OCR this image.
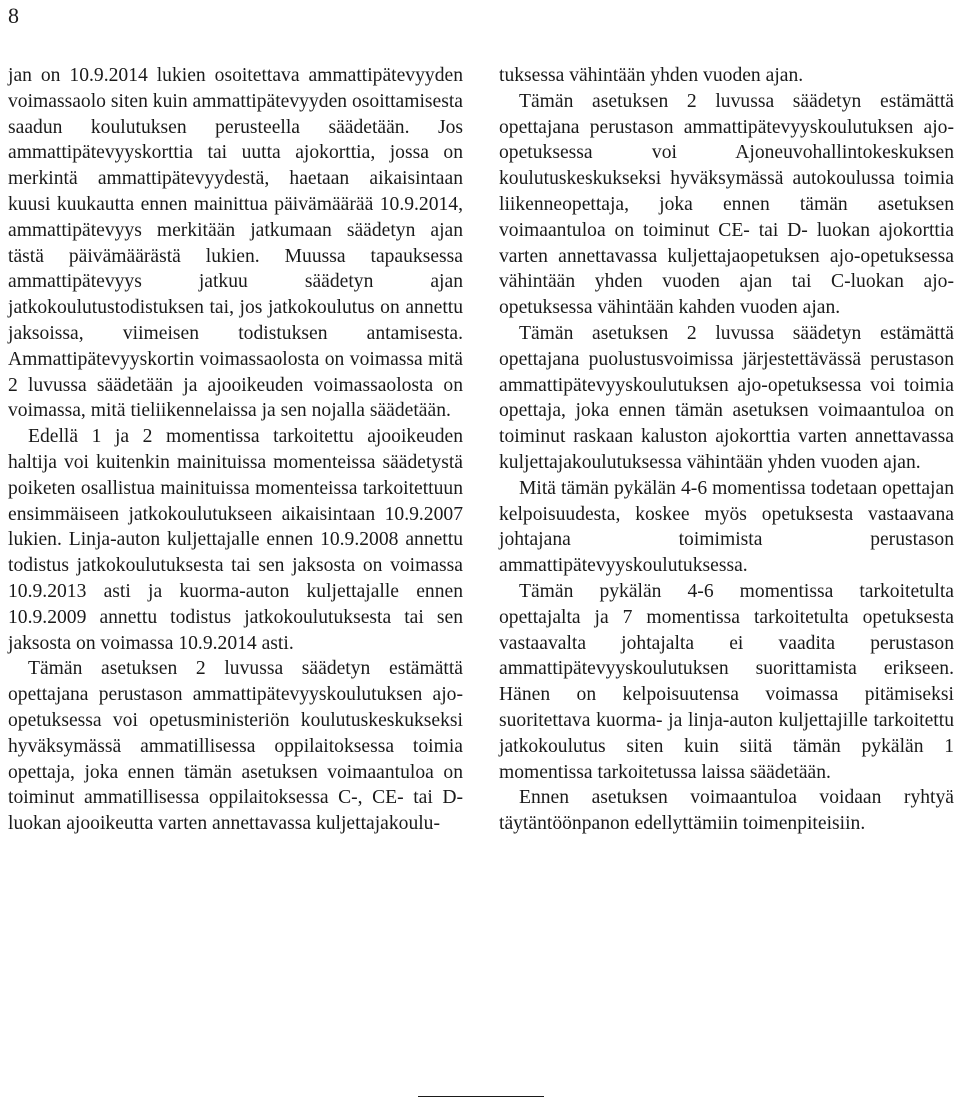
8

jan on 10.9.2014 lukien osoitettava ammattipätevyyden voimassaolo siten kuin ammattipätevyyden osoittamisesta saadun koulutuksen perusteella säädetään. Jos ammattipätevyyskorttia tai uutta ajokorttia, jossa on merkintä ammattipätevyydestä, haetaan aikaisintaan kuusi kuukautta ennen mainittua päivämäärää 10.9.2014, ammattipätevyys merkitään jatkumaan säädetyn ajan tästä päivämäärästä lukien. Muussa tapauksessa ammattipätevyys jatkuu säädetyn ajan jatkokoulutustodistuksen tai, jos jatkokoulutus on annettu jaksoissa, viimeisen todistuksen antamisesta. Ammattipätevyyskortin voimassaolosta on voimassa mitä 2 luvussa säädetään ja ajooikeuden voimassaolosta on voimassa, mitä tieliikennelaissa ja sen nojalla säädetään.

Edellä 1 ja 2 momentissa tarkoitettu ajooikeuden haltija voi kuitenkin mainituissa momenteissa säädetystä poiketen osallistua mainituissa momenteissa tarkoitettuun ensimmäiseen jatkokoulutukseen aikaisintaan 10.9.2007 lukien. Linja-auton kuljettajalle ennen 10.9.2008 annettu todistus jatkokoulutuksesta tai sen jaksosta on voimassa 10.9.2013 asti ja kuorma-auton kuljettajalle ennen 10.9.2009 annettu todistus jatkokoulutuksesta tai sen jaksosta on voimassa 10.9.2014 asti.

Tämän asetuksen 2 luvussa säädetyn estämättä opettajana perustason ammattipätevyyskoulutuksen ajo-opetuksessa voi opetusministeriön koulutuskeskukseksi hyväksymässä ammatillisessa oppilaitoksessa toimia opettaja, joka ennen tämän asetuksen voimaantuloa on toiminut ammatillisessa oppilaitoksessa C-, CE- tai D-luokan ajooikeutta varten annettavassa kuljettajakoulu-

tuksessa vähintään yhden vuoden ajan.

Tämän asetuksen 2 luvussa säädetyn estämättä opettajana perustason ammattipätevyyskoulutuksen ajo-opetuksessa voi Ajoneuvohallintokeskuksen koulutuskeskukseksi hyväksymässä autokoulussa toimia liikenneopettaja, joka ennen tämän asetuksen voimaantuloa on toiminut CE- tai D- luokan ajokorttia varten annettavassa kuljettajaopetuksen ajo-opetuksessa vähintään yhden vuoden ajan tai C-luokan ajo-opetuksessa vähintään kahden vuoden ajan.

Tämän asetuksen 2 luvussa säädetyn estämättä opettajana puolustusvoimissa järjestettävässä perustason ammattipätevyyskoulutuksen ajo-opetuksessa voi toimia opettaja, joka ennen tämän asetuksen voimaantuloa on toiminut raskaan kaluston ajokorttia varten annettavassa kuljettajakoulutuksessa vähintään yhden vuoden ajan.

Mitä tämän pykälän 4-6 momentissa todetaan opettajan kelpoisuudesta, koskee myös opetuksesta vastaavana johtajana toimimista perustason ammattipätevyyskoulutuksessa.

Tämän pykälän 4-6 momentissa tarkoitetulta opettajalta ja 7 momentissa tarkoitetulta opetuksesta vastaavalta johtajalta ei vaadita perustason ammattipätevyyskoulutuksen suorittamista erikseen. Hänen on kelpoisuutensa voimassa pitämiseksi suoritettava kuorma- ja linja-auton kuljettajille tarkoitettu jatkokoulutus siten kuin siitä tämän pykälän 1 momentissa tarkoitetussa laissa säädetään.

Ennen asetuksen voimaantuloa voidaan ryhtyä täytäntöönpanon edellyttämiin toimenpiteisiin.
